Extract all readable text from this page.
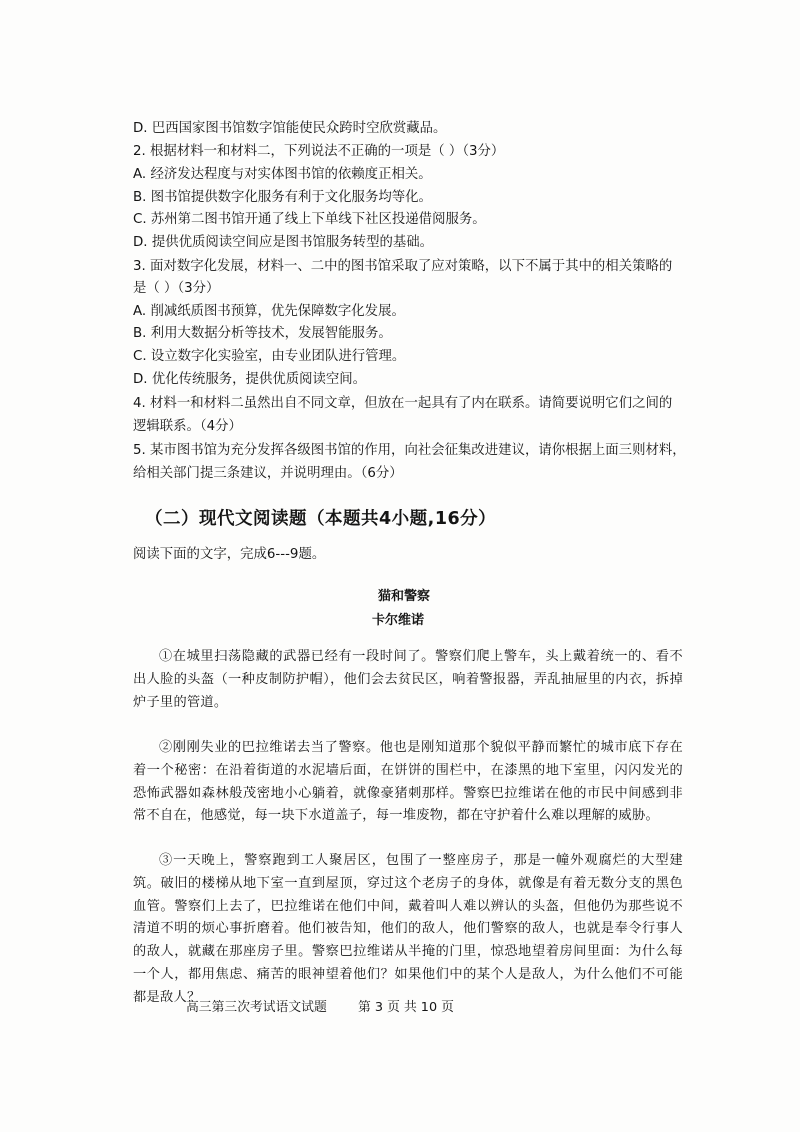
D. 巴西国家图书馆数字馆能使民众跨时空欣赏藏品。
2. 根据材料一和材料二，下列说法不正确的一项是（ ）（3分）
A. 经济发达程度与对实体图书馆的依赖度正相关。
B. 图书馆提供数字化服务有利于文化服务均等化。
C. 苏州第二图书馆开通了线上下单线下社区投递借阅服务。
D. 提供优质阅读空间应是图书馆服务转型的基础。
3. 面对数字化发展，材料一、二中的图书馆采取了应对策略，以下不属于其中的相关策略的
是（ ）（3分）
A. 削减纸质图书预算，优先保障数字化发展。
B. 利用大数据分析等技术，发展智能服务。
C. 设立数字化实验室，由专业团队进行管理。
D. 优化传统服务，提供优质阅读空间。
4. 材料一和材料二虽然出自不同文章，但放在一起具有了内在联系。请简要说明它们之间的
逻辑联系。（4分）
5. 某市图书馆为充分发挥各级图书馆的作用，向社会征集改进建议，请你根据上面三则材料，
给相关部门提三条建议，并说明理由。（6分）
（二）现代文阅读题（本题共4小题,16分）
阅读下面的文字，完成6---9题。
猫和警察
卡尔维诺
①在城里扫荡隐藏的武器已经有一段时间了。警察们爬上警车，头上戴着统一的、看不出人脸的头盔（一种皮制防护帽），他们会去贫民区，响着警报器，弄乱抽屉里的内衣，拆掉炉子里的管道。
②刚刚失业的巴拉维诺去当了警察。他也是刚知道那个貌似平静而繁忙的城市底下存在着一个秘密：在沿着街道的水泥墙后面，在饼饼的围栏中，在漆黑的地下室里，闪闪发光的恐怖武器如森林般茂密地小心躺着，就像豪猪刺那样。警察巴拉维诺在他的市民中间感到非常不自在，他感觉，每一块下水道盖子，每一堆废物，都在守护着什么难以理解的威胁。
③一天晚上，警察跑到工人聚居区，包围了一整座房子，那是一幢外观腐烂的大型建筑。破旧的楼梯从地下室一直到屋顶，穿过这个老房子的身体，就像是有着无数分支的黑色血管。警察们上去了，巴拉维诺在他们中间，戴着叫人难以辨认的头盔，但他仍为那些说不清道不明的烦心事折磨着。他们被告知，他们的敌人，他们警察的敌人，也就是奉令行事人的敌人，就藏在那座房子里。警察巴拉维诺从半掩的门里，惊恐地望着房间里面：为什么每一个人，都用焦虑、痛苦的眼神望着他们？如果他们中的某个人是敌人，为什么他们不可能都是敌人？
高三第三次考试语文试题 第 3 页 共 10 页
